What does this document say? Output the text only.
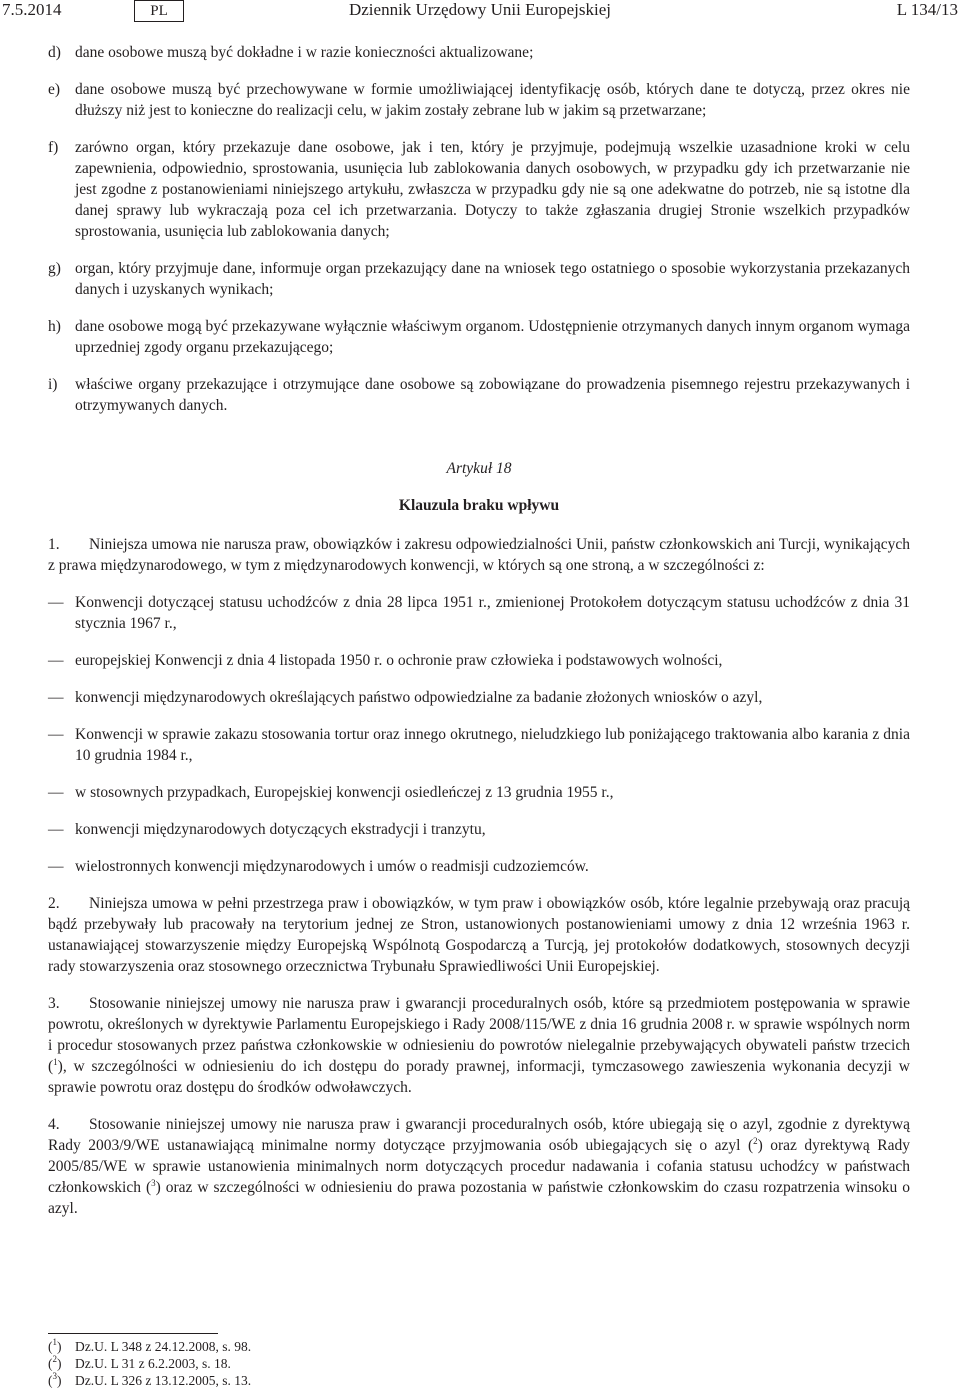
7.5.2014	Dziennik Urzędowy Unii Europejskiej
PL	L 134/13
d) dane osobowe muszą być dokładne i w razie konieczności aktualizowane;
e) dane osobowe muszą być przechowywane w formie umożliwiającej identyfikację osób, których dane te dotyczą, przez okres nie dłuższy niż jest to konieczne do realizacji celu, w jakim zostały zebrane lub w jakim są przetwarzane;
f)	zarówno organ, który przekazuje dane osobowe, jak i ten, który je przyjmuje, podejmują wszelkie uzasadnione kroki w celu zapewnienia, odpowiednio, sprostowania, usunięcia lub zablokowania danych osobowych, w przypadku gdy ich przetwarzanie nie jest zgodne z postanowieniami niniejszego artykułu, zwłaszcza w przypadku gdy nie są one adekwatne do potrzeb, nie są istotne dla danej sprawy lub wykraczają poza cel ich przetwarzania. Dotyczy to także zgłaszania drugiej Stronie wszelkich przypadków sprostowania, usunięcia lub zablokowania danych;
g) organ, który przyjmuje dane, informuje organ przekazujący dane na wniosek tego ostatniego o sposobie wykorzystania przekazanych danych i uzyskanych wynikach;
h) dane osobowe mogą być przekazywane wyłącznie właściwym organom. Udostępnienie otrzymanych danych innym organom wymaga uprzedniej zgody organu przekazującego;
i)	właściwe organy przekazujące i otrzymujące dane osobowe są zobowiązane do prowadzenia pisemnego rejestru przekazywanych i otrzymywanych danych.
Artykuł 18
Klauzula braku wpływu
1. Niniejsza umowa nie narusza praw, obowiązków i zakresu odpowiedzialności Unii, państw członkowskich ani Turcji, wynikających z prawa międzynarodowego, w tym z międzynarodowych konwencji, w których są one stroną, a w szczególności z:
— Konwencji dotyczącej statusu uchodźców z dnia 28 lipca 1951 r., zmienionej Protokołem dotyczącym statusu uchodźców z dnia 31 stycznia 1967 r.,
— europejskiej Konwencji z dnia 4 listopada 1950 r. o ochronie praw człowieka i podstawowych wolności,
— konwencji międzynarodowych określających państwo odpowiedzialne za badanie złożonych wniosków o azyl,
— Konwencji w sprawie zakazu stosowania tortur oraz innego okrutnego, nieludzkiego lub poniżającego traktowania albo karania z dnia 10 grudnia 1984 r.,
— w stosownych przypadkach, Europejskiej konwencji osiedleńczej z 13 grudnia 1955 r.,
— konwencji międzynarodowych dotyczących ekstradycji i tranzytu,
— wielostronnych konwencji międzynarodowych i umów o readmisji cudzoziemców.
2. Niniejsza umowa w pełni przestrzega praw i obowiązków, w tym praw i obowiązków osób, które legalnie przebywają oraz pracują bądź przebywały lub pracowały na terytorium jednej ze Stron, ustanowionych postanowieniami umowy z dnia 12 września 1963 r. ustanawiającej stowarzyszenie między Europejską Wspólnotą Gospodarczą a Turcją, jej protokołów dodatkowych, stosownych decyzji rady stowarzyszenia oraz stosownego orzecznictwa Trybunału Sprawiedliwości Unii Europejskiej.
3. Stosowanie niniejszej umowy nie narusza praw i gwarancji proceduralnych osób, które są przedmiotem postępowania w sprawie powrotu, określonych w dyrektywie Parlamentu Europejskiego i Rady 2008/115/WE z dnia 16 grudnia 2008 r. w sprawie wspólnych norm i procedur stosowanych przez państwa członkowskie w odniesieniu do powrotów nielegalnie przebywających obywateli państw trzecich ($^1$), w szczególności w odniesieniu do ich dostępu do porady prawnej, informacji, tymczasowego zawieszenia wykonania decyzji w sprawie powrotu oraz dostępu do środków odwoławczych.
4. Stosowanie niniejszej umowy nie narusza praw i gwarancji proceduralnych osób, które ubiegają się o azyl, zgodnie z dyrektywą Rady 2003/9/WE ustanawiającą minimalne normy dotyczące przyjmowania osób ubiegających się o azyl ($^2$) oraz dyrektywą Rady 2005/85/WE w sprawie ustanowienia minimalnych norm dotyczących procedur nadawania i cofania statusu uchodźcy w państwach członkowskich ($^3$) oraz w szczególności w odniesieniu do prawa pozostania w państwie członkowskim do czasu rozpatrzenia winsoku o azyl.
($^1$)	Dz.U. L 348 z 24.12.2008, s. 98.
($^2$)	Dz.U. L 31 z 6.2.2003, s. 18.
($^3$)	Dz.U. L 326 z 13.12.2005, s. 13.
